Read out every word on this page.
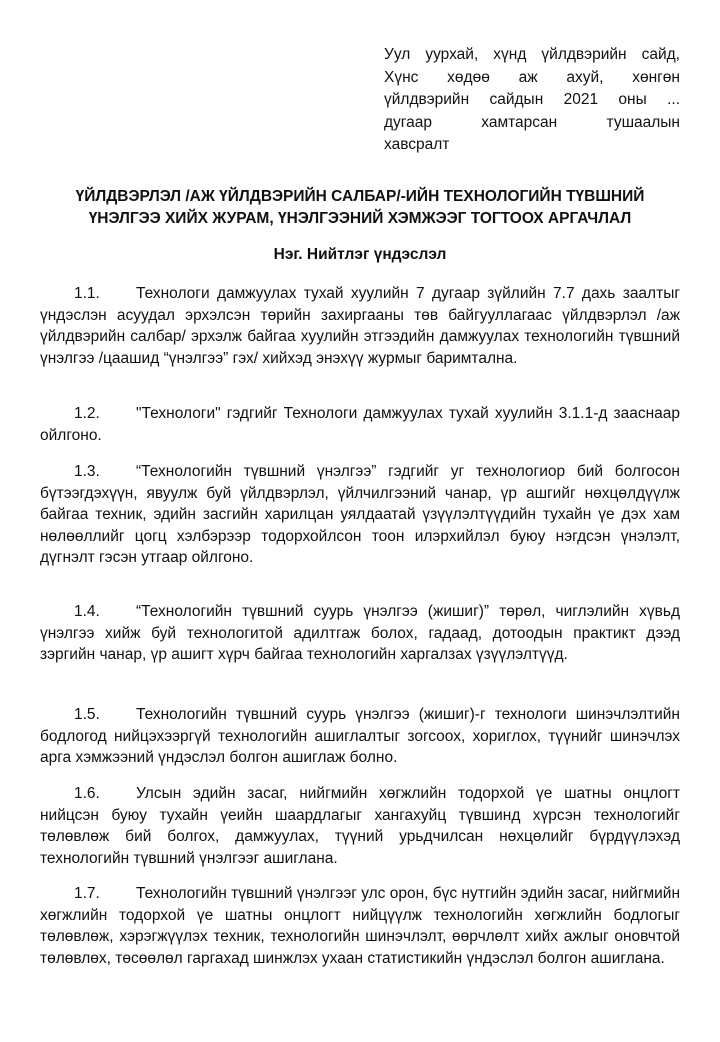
Уул уурхай, хүнд үйлдвэрийн сайд,
Хүнс хөдөө аж ахуй, хөнгөн
үйлдвэрийн сайдын 2021 оны ...
дугаар хамтарсан тушаалын
хавсралт
ҮЙЛДВЭРЛЭЛ /АЖ ҮЙЛДВЭРИЙН САЛБАР/-ИЙН ТЕХНОЛОГИЙН ТҮВШНИЙ
ҮНЭЛГЭЭ ХИЙХ ЖУРАМ, ҮНЭЛГЭЭНИЙ ХЭМЖЭЭГ ТОГТООХ АРГАЧЛАЛ
Нэг. Нийтлэг үндэслэл
1.1. Технологи дамжуулах тухай хуулийн 7 дугаар зүйлийн 7.7 дахь заалтыг үндэслэн асуудал эрхэлсэн төрийн захиргааны төв байгууллагаас үйлдвэрлэл /аж үйлдвэрийн салбар/ эрхэлж байгаа хуулийн этгээдийн дамжуулах технологийн түвшний үнэлгээ /цаашид “үнэлгээ” гэх/ хийхэд энэхүү журмыг баримтална.
1.2. "Технологи" гэдгийг Технологи дамжуулах тухай хуулийн 3.1.1-д зааснаар ойлгоно.
1.3. “Технологийн түвшний үнэлгээ” гэдгийг уг технологиор бий болгосон бүтээгдэхүүн, явуулж буй үйлдвэрлэл, үйлчилгээний чанар, үр ашгийг нөхцөлдүүлж байгаа техник, эдийн засгийн харилцан уялдаатай үзүүлэлтүүдийн тухайн үе дэх хам нөлөөллийг цогц хэлбэрээр тодорхойлсон тоон илэрхийлэл буюу нэгдсэн үнэлэлт, дүгнэлт гэсэн утгаар ойлгоно.
1.4. “Технологийн түвшний суурь үнэлгээ (жишиг)” төрөл, чиглэлийн хүвьд үнэлгээ хийж буй технологитой адилтгаж болох, гадаад, дотоодын практикт дээд зэргийн чанар, үр ашигт хүрч байгаа технологийн харгалзах үзүүлэлтүүд.
1.5. Технологийн түвшний суурь үнэлгээ (жишиг)-г технологи шинэчлэлтийн бодлогод нийцэхээргүй технологийн ашиглалтыг зогсоох, хориглох, түүнийг шинэчлэх арга хэмжээний үндэслэл болгон ашиглаж болно.
1.6. Улсын эдийн засаг, нийгмийн хөгжлийн тодорхой үе шатны онцлогт нийцсэн буюу тухайн үеийн шаардлагыг хангахуйц түвшинд хүрсэн технологийг төлөвлөж бий болгох, дамжуулах, түүний урьдчилсан нөхцөлийг бүрдүүлэхэд технологийн түвшний үнэлгээг ашиглана.
1.7. Технологийн түвшний үнэлгээг улс орон, бүс нутгийн эдийн засаг, нийгмийн хөгжлийн тодорхой үе шатны онцлогт нийцүүлж технологийн хөгжлийн бодлогыг төлөвлөж, хэрэгжүүлэх техник, технологийн шинэчлэлт, өөрчлөлт хийх ажлыг оновчтой төлөвлөх, төсөөлөл гаргахад шинжлэх ухаан статистикийн үндэслэл болгон ашиглана.
